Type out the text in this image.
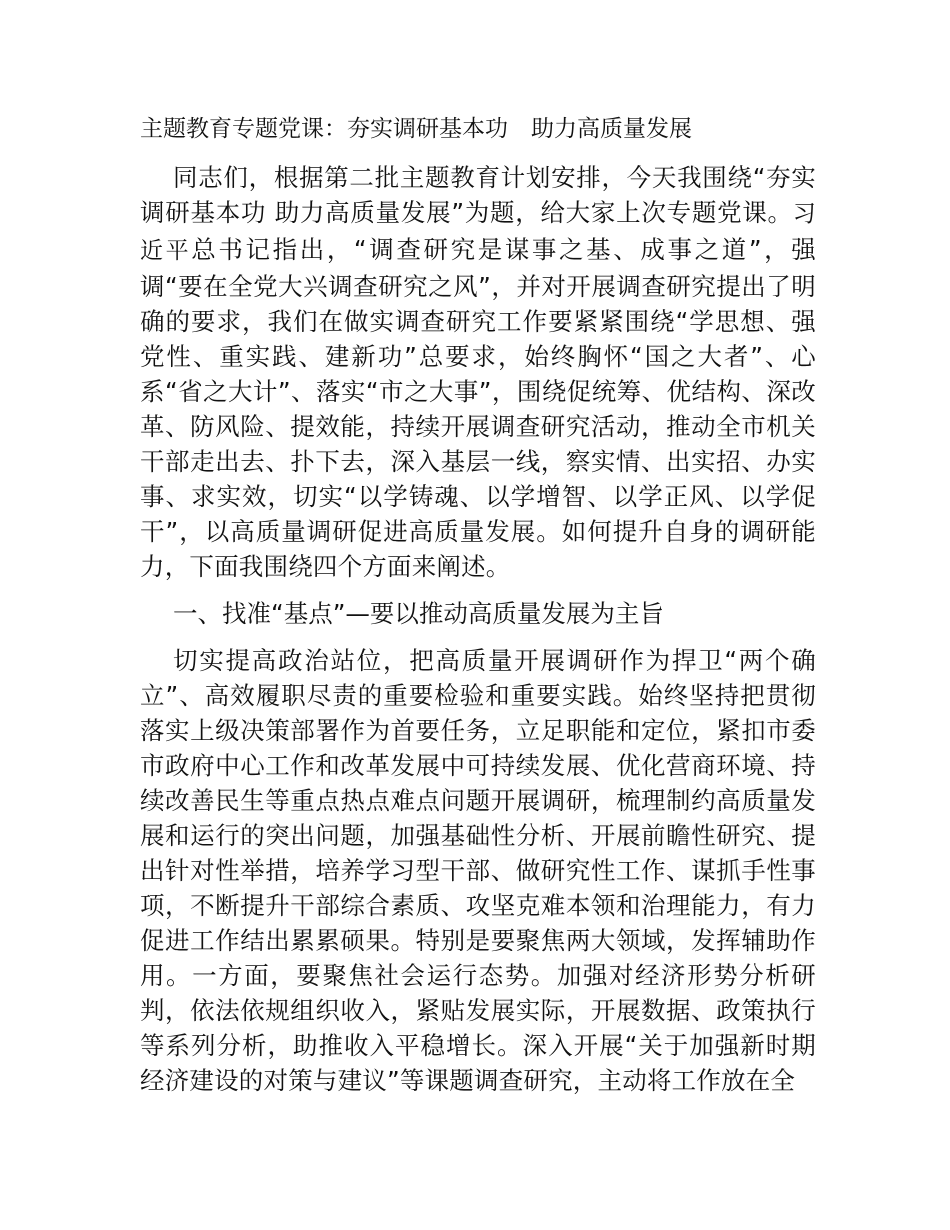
主题教育专题党课：夯实调研基本功　助力高质量发展
同志们，根据第二批主题教育计划安排，今天我围绕“夯实调研基本功 助力高质量发展”为题，给大家上次专题党课。习近平总书记指出，“调查研究是谋事之基、成事之道”，强调“要在全党大兴调查研究之风”，并对开展调查研究提出了明确的要求，我们在做实调查研究工作要紧紧围绕“学思想、强党性、重实践、建新功”总要求，始终胸怀“国之大者”、心系“省之大计”、落实“市之大事”，围绕促统筹、优结构、深改革、防风险、提效能，持续开展调查研究活动，推动全市机关干部走出去、扑下去，深入基层一线，察实情、出实招、办实事、求实效，切实“以学铸魂、以学增智、以学正风、以学促干”，以高质量调研促进高质量发展。如何提升自身的调研能力，下面我围绕四个方面来阐述。
一、找准“基点”—要以推动高质量发展为主旨
切实提高政治站位，把高质量开展调研作为捍卫“两个确立”、高效履职尽责的重要检验和重要实践。始终坚持把贯彻落实上级决策部署作为首要任务，立足职能和定位，紧扣市委市政府中心工作和改革发展中可持续发展、优化营商环境、持续改善民生等重点热点难点问题开展调研，梳理制约高质量发展和运行的突出问题，加强基础性分析、开展前瞻性研究、提出针对性举措，培养学习型干部、做研究性工作、谋抓手性事项，不断提升干部综合素质、攻坚克难本领和治理能力，有力促进工作结出累累硕果。特别是要聚焦两大领域，发挥辅助作用。一方面，要聚焦社会运行态势。加强对经济形势分析研判，依法依规组织收入，紧贴发展实际，开展数据、政策执行等系列分析，助推收入平稳增长。深入开展“关于加强新时期经济建设的对策与建议”等课题调查研究，主动将工作放在全
